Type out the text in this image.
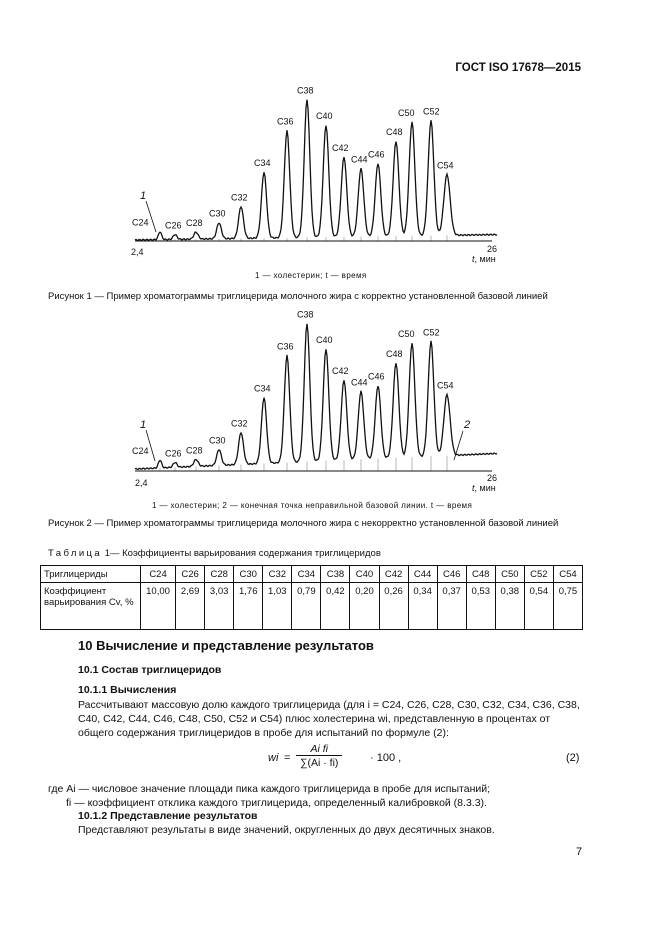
ГОСТ ISO 17678—2015
C24 C26 C28
C30
C32
C34
C36
C38
C40
C42
C44
C46
C48
C50 C52
C54
2,4	26
t, мин
1
1 — холестерин; t — время
Рисунок 1 — Пример хроматограммы триглицерида молочного жира с корректно установленной базовой линией
C24 C26 C28
C30
C32
C34
C36
C38
C40
C42
C44
C46
C48
C50 C52
C54
2,4	26
t, мин
1	2
1 — холестерин; 2 — конечная точка неправильной базовой линии. t — время
Рисунок 2 — Пример хроматограммы триглицерида молочного жира с некорректно установленной базовой линией
Таблица 1— Коэффициенты варьирования содержания триглицеридов
Триглицериды	C24	C26	C28	C30	C32	C34	C38	C40	C42	C44	C46	C48	C50	C52	C54
Коэффициент варьирования Cv, %	10,00	2,69	3,03	1,76	1,03	0,79	0,42	0,20	0,26	0,34	0,37	0,53	0,38	0,54	0,75
10 Вычисление и представление результатов
10.1 Состав триглицеридов
10.1.1 Вычисления
Рассчитывают массовую долю каждого триглицерида (для i = C24, C26, C28, C30, C32, C34, C36, C38, C40, C42, C44, C46, C48, C50, C52 и C54) плюс холестерина wi, представленную в процентах от общего содержания триглицеридов в пробе для испытаний по формуле (2):
wi = $\frac{\text{Ai fi}}{\sum(Ai \cdot fi)}$	· 100 ,	(2)
где Ai — числовое значение площади пика каждого триглицерида в пробе для испытаний;
fi — коэффициент отклика каждого триглицерида, определенный калибровкой (8.3.3).
10.1.2 Представление результатов
Представляют результаты в виде значений, округленных до двух десятичных знаков.
7
